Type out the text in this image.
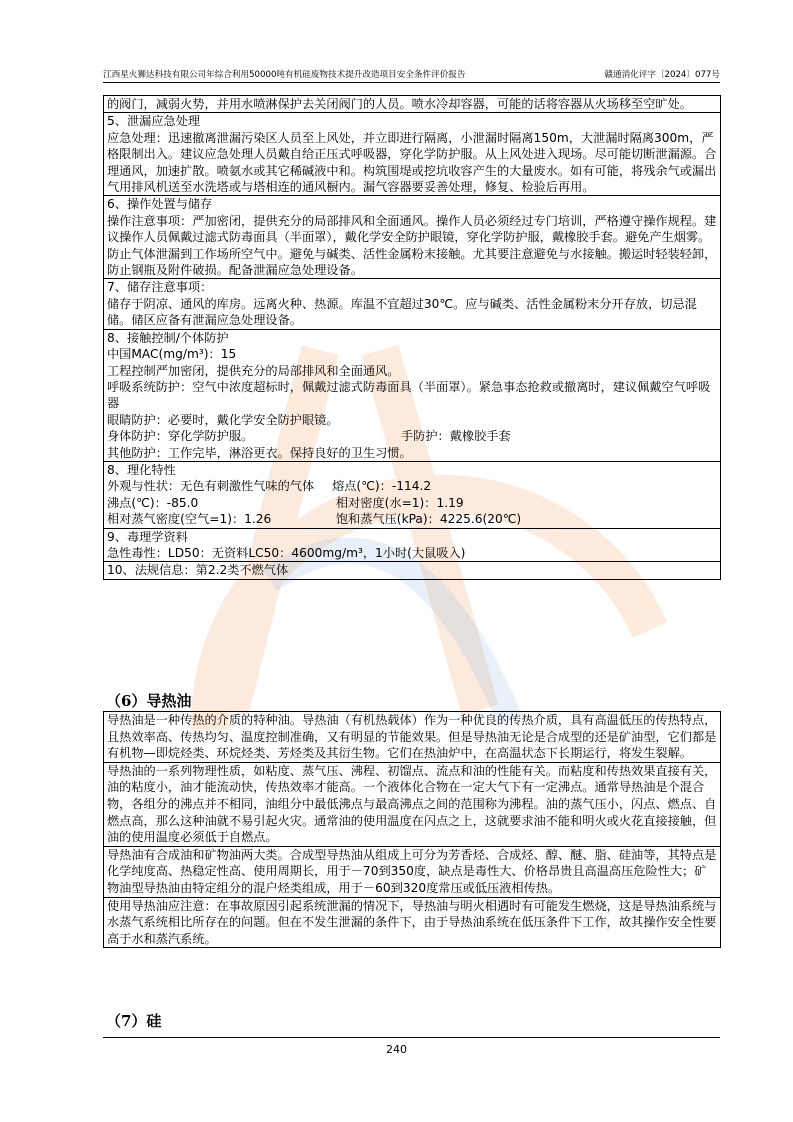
江西星火狮达科技有限公司年综合利用50000吨有机硅废物技术提升改造项目安全条件评价报告	赣通消化评字〔2024〕077号

的阀门，减弱火势，并用水喷淋保护去关闭阀门的人员。喷水冷却容器，可能的话将容器从火场移至空旷处。

5、泄漏应急处理

应急处理：迅速撤离泄漏污染区人员至上风处，并立即进行隔离，小泄漏时隔离150m，大泄漏时隔离300m，严格限制出入。建议应急处理人员戴自给正压式呼吸器，穿化学防护服。从上风处进入现场。尽可能切断泄漏源。合理通风，加速扩散。喷氨水或其它稀碱液中和。构筑围堤或挖坑收容产生的大量废水。如有可能，将残余气或漏出气用排风机送至水洗塔或与塔相连的通风橱内。漏气容器要妥善处理，修复、检验后再用。

6、操作处置与储存

操作注意事项：严加密闭，提供充分的局部排风和全面通风。操作人员必须经过专门培训，严格遵守操作规程。建议操作人员佩戴过滤式防毒面具（半面罩），戴化学安全防护眼镜，穿化学防护服，戴橡胶手套。避免产生烟雾。防止气体泄漏到工作场所空气中。避免与碱类、活性金属粉末接触。尤其要注意避免与水接触。搬运时轻装轻卸，防止钢瓶及附件破损。配备泄漏应急处理设备。

7、储存注意事项：

储存于阴凉、通风的库房。远离火种、热源。库温不宜超过30℃。应与碱类、活性金属粉末分开存放，切忌混储。储区应备有泄漏应急处理设备。

8、接触控制/个体防护

中国MAC(mg/m³)：15

工程控制严加密闭，提供充分的局部排风和全面通风。

呼吸系统防护：空气中浓度超标时，佩戴过滤式防毒面具（半面罩）。紧急事态抢救或撤离时，建议佩戴空气呼吸器

眼睛防护：必要时，戴化学安全防护眼镜。

身体防护：穿化学防护服。	手防护：戴橡胶手套

其他防护：工作完毕，淋浴更衣。保持良好的卫生习惯。

8、理化特性

外观与性状：无色有刺激性气味的气体 熔点(℃)：-114.2

沸点(℃)：-85.0	相对密度(水=1)：1.19

相对蒸气密度(空气=1)：1.26	饱和蒸气压(kPa)：4225.6(20℃)

9、毒理学资料

急性毒性：LD50：无资料LC50：4600mg/m³，1小时(大鼠吸入)

10、法规信息：第2.2类不燃气体

（6）导热油
导热油是一种传热的介质的特种油。导热油（有机热载体）作为一种优良的传热介质，具有高温低压的传热特点，且热效率高、传热均匀、温度控制准确，又有明显的节能效果。但是导热油无论是合成型的还是矿油型，它们都是有机物—即烷烃类、环烷烃类、芳烃类及其衍生物。它们在热油炉中，在高温状态下长期运行，将发生裂解。
导热油的一系列物理性质，如粘度、蒸气压、沸程、初馏点、流点和油的性能有关。而粘度和传热效果直接有关，油的粘度小，油才能流动快，传热效率才能高。一个液体化合物在一定大气下有一定沸点。通常导热油是个混合物，各组分的沸点并不相同，油组分中最低沸点与最高沸点之间的范围称为沸程。油的蒸气压小，闪点、燃点、自燃点高，那么这种油就不易引起火灾。通常油的使用温度在闪点之上，这就要求油不能和明火或火花直接接触，但油的使用温度必须低于自燃点。
导热油有合成油和矿物油两大类。合成型导热油从组成上可分为芳香烃、合成烃、醇、醚、脂、硅油等，其特点是化学纯度高、热稳定性高、使用周期长，用于－70到350度，缺点是毒性大、价格昂贵且高温高压危险性大；矿物油型导热油由特定组分的混户烃类组成，用于－60到320度常压或低压液相传热。
使用导热油应注意：在事故原因引起系统泄漏的情况下，导热油与明火相遇时有可能发生燃烧，这是导热油系统与水蒸气系统相比所存在的问题。但在不发生泄漏的条件下，由于导热油系统在低压条件下工作，故其操作安全性要高于水和蒸汽系统。
（7）硅
240
